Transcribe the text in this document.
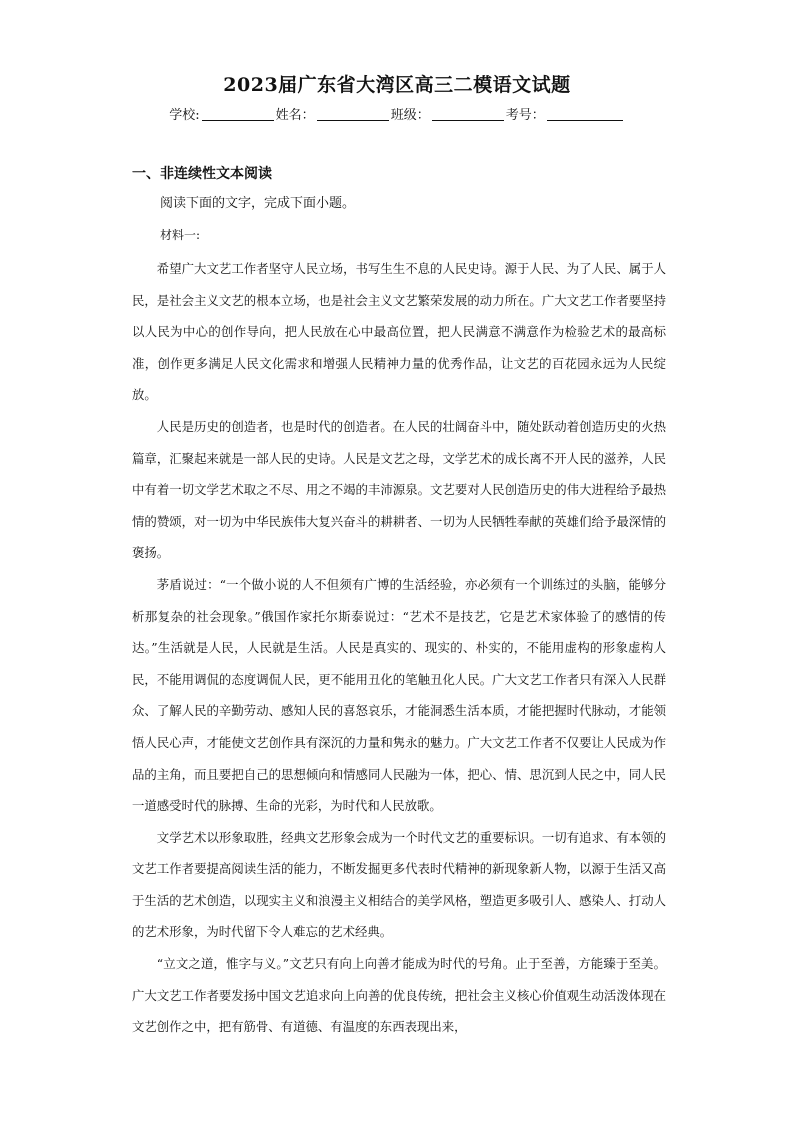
2023届广东省大湾区高三二模语文试题
学校:	姓名：	班级：	考号：
一、非连续性文本阅读
阅读下面的文字，完成下面小题。
材料一:

希望广大文艺工作者坚守人民立场，书写生生不息的人民史诗。源于人民、为了人民、属于人民，是社会主义文艺的根本立场，也是社会主义文艺繁荣发展的动力所在。广大文艺工作者要坚持以人民为中心的创作导向，把人民放在心中最高位置，把人民满意不满意作为检验艺术的最高标准，创作更多满足人民文化需求和增强人民精神力量的优秀作品，让文艺的百花园永远为人民绽放。

人民是历史的创造者，也是时代的创造者。在人民的壮阔奋斗中，随处跃动着创造历史的火热篇章，汇聚起来就是一部人民的史诗。人民是文艺之母，文学艺术的成长离不开人民的滋养，人民中有着一切文学艺术取之不尽、用之不竭的丰沛源泉。文艺要对人民创造历史的伟大进程给予最热情的赞颂，对一切为中华民族伟大复兴奋斗的耕耕者、一切为人民牺牲奉献的英雄们给予最深情的褒扬。

茅盾说过：“一个做小说的人不但须有广博的生活经验，亦必须有一个训练过的头脑，能够分析那复杂的社会现象。”俄国作家托尔斯泰说过：“艺术不是技艺，它是艺术家体验了的感情的传达。”生活就是人民，人民就是生活。人民是真实的、现实的、朴实的，不能用虚构的形象虚构人民，不能用调侃的态度调侃人民，更不能用丑化的笔触丑化人民。广大文艺工作者只有深入人民群众、了解人民的辛勤劳动、感知人民的喜怒哀乐，才能洞悉生活本质，才能把握时代脉动，才能领悟人民心声，才能使文艺创作具有深沉的力量和隽永的魅力。广大文艺工作者不仅要让人民成为作品的主角，而且要把自己的思想倾向和情感同人民融为一体，把心、情、思沉到人民之中，同人民一道感受时代的脉搏、生命的光彩，为时代和人民放歌。

文学艺术以形象取胜，经典文艺形象会成为一个时代文艺的重要标识。一切有追求、有本领的文艺工作者要提高阅读生活的能力，不断发掘更多代表时代精神的新现象新人物，以源于生活又高于生活的艺术创造，以现实主义和浪漫主义相结合的美学风格，塑造更多吸引人、感染人、打动人的艺术形象，为时代留下令人难忘的艺术经典。

“立文之道，惟字与义。”文艺只有向上向善才能成为时代的号角。止于至善，方能臻于至美。广大文艺工作者要发扬中国文艺追求向上向善的优良传统，把社会主义核心价值观生动活泼体现在文艺创作之中，把有筋骨、有道德、有温度的东西表现出来，
